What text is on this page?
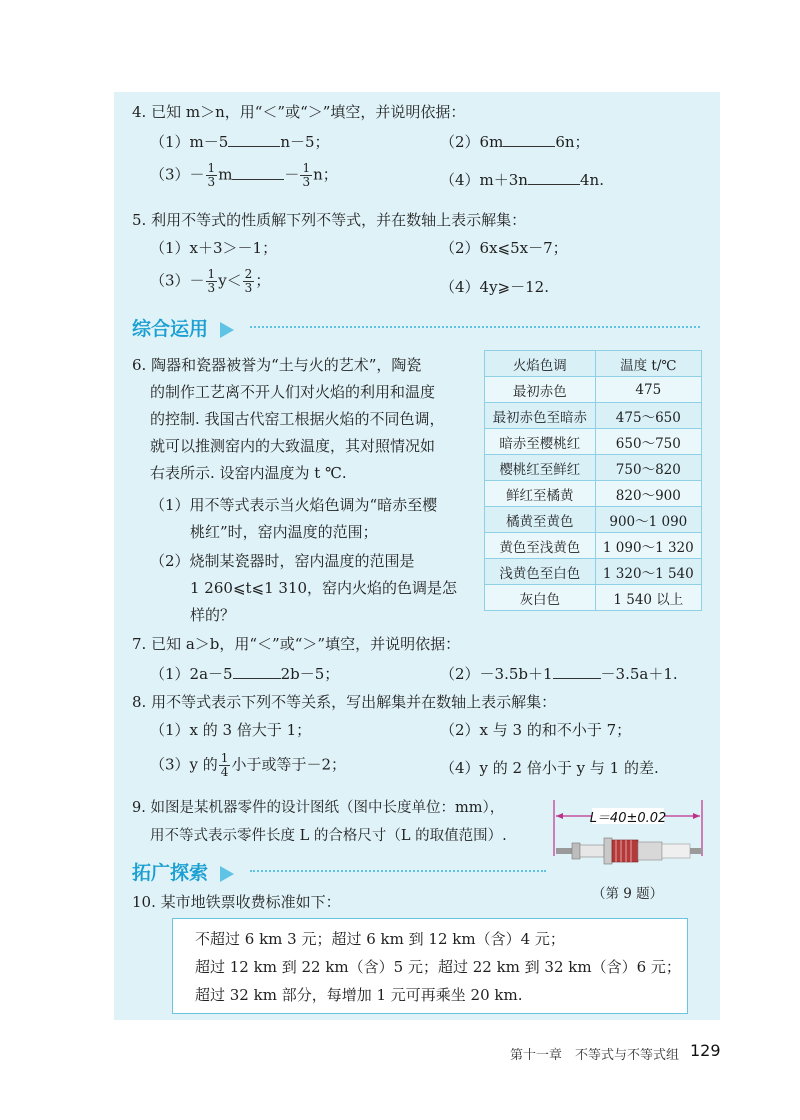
4. 已知 m＞n，用“＜”或“＞”填空，并说明依据：
（1）m－5	n－5；	（2）6m	6n；
$(3)- \frac{1}{3}$ m	－ $\frac{1}{3}$ n；	（4）m＋3n	4n.
5. 利用不等式的性质解下列不等式，并在数轴上表示解集：
（1）x＋3＞－1；	（2）6x⩽5x－7；
$(3)- \frac{1}{3} y< \frac{2}{3}$ ；	（4）4y⩾－12.
综合运用
6. 陶器和瓷器被誉为“土与火的艺术”，陶瓷
的制作工艺离不开人们对火焰的利用和温度
的控制. 我国古代窑工根据火焰的不同色调，
就可以推测窑内的大致温度，其对照情况如
右表所示. 设窑内温度为 t ℃.
（1）用不等式表示当火焰色调为“暗赤至樱
桃红”时，窑内温度的范围；
（2）烧制某瓷器时，窑内温度的范围是
1 260⩽t⩽1 310，窑内火焰的色调是怎
样的？
火焰色调	温度 t/℃
最初赤色	475
最初赤色至暗赤	475～650
暗赤至樱桃红	650～750
樱桃红至鲜红	750～820
鲜红至橘黄	820～900
橘黄至黄色	900～1 090
黄色至浅黄色	1 090～1 320
浅黄色至白色	1 320～1 540
灰白色	1 540 以上
7. 已知 a＞b，用“＜”或“＞”填空，并说明依据：
（1）2a－5	2b－5；	（2）－3.5b＋1	－3.5a＋1.
8. 用不等式表示下列不等关系，写出解集并在数轴上表示解集：
（1）x 的 3 倍大于 1；	（2）x 与 3 的和不小于 7；
（3）y 的 $\frac{1}{4}$ 小于或等于－2；	（4）y 的 2 倍小于 y 与 1 的差.
9. 如图是某机器零件的设计图纸（图中长度单位：mm），
用不等式表示零件长度 L 的合格尺寸（L 的取值范围）.
L＝40±0.02
（第 9 题）
拓广探索
10. 某市地铁票收费标准如下：
不超过 6 km 3 元；超过 6 km 到 12 km（含）4 元；
超过 12 km 到 22 km（含）5 元；超过 22 km 到 32 km（含）6 元；
超过 32 km 部分，每增加 1 元可再乘坐 20 km.
第十一章　不等式与不等式组 129
